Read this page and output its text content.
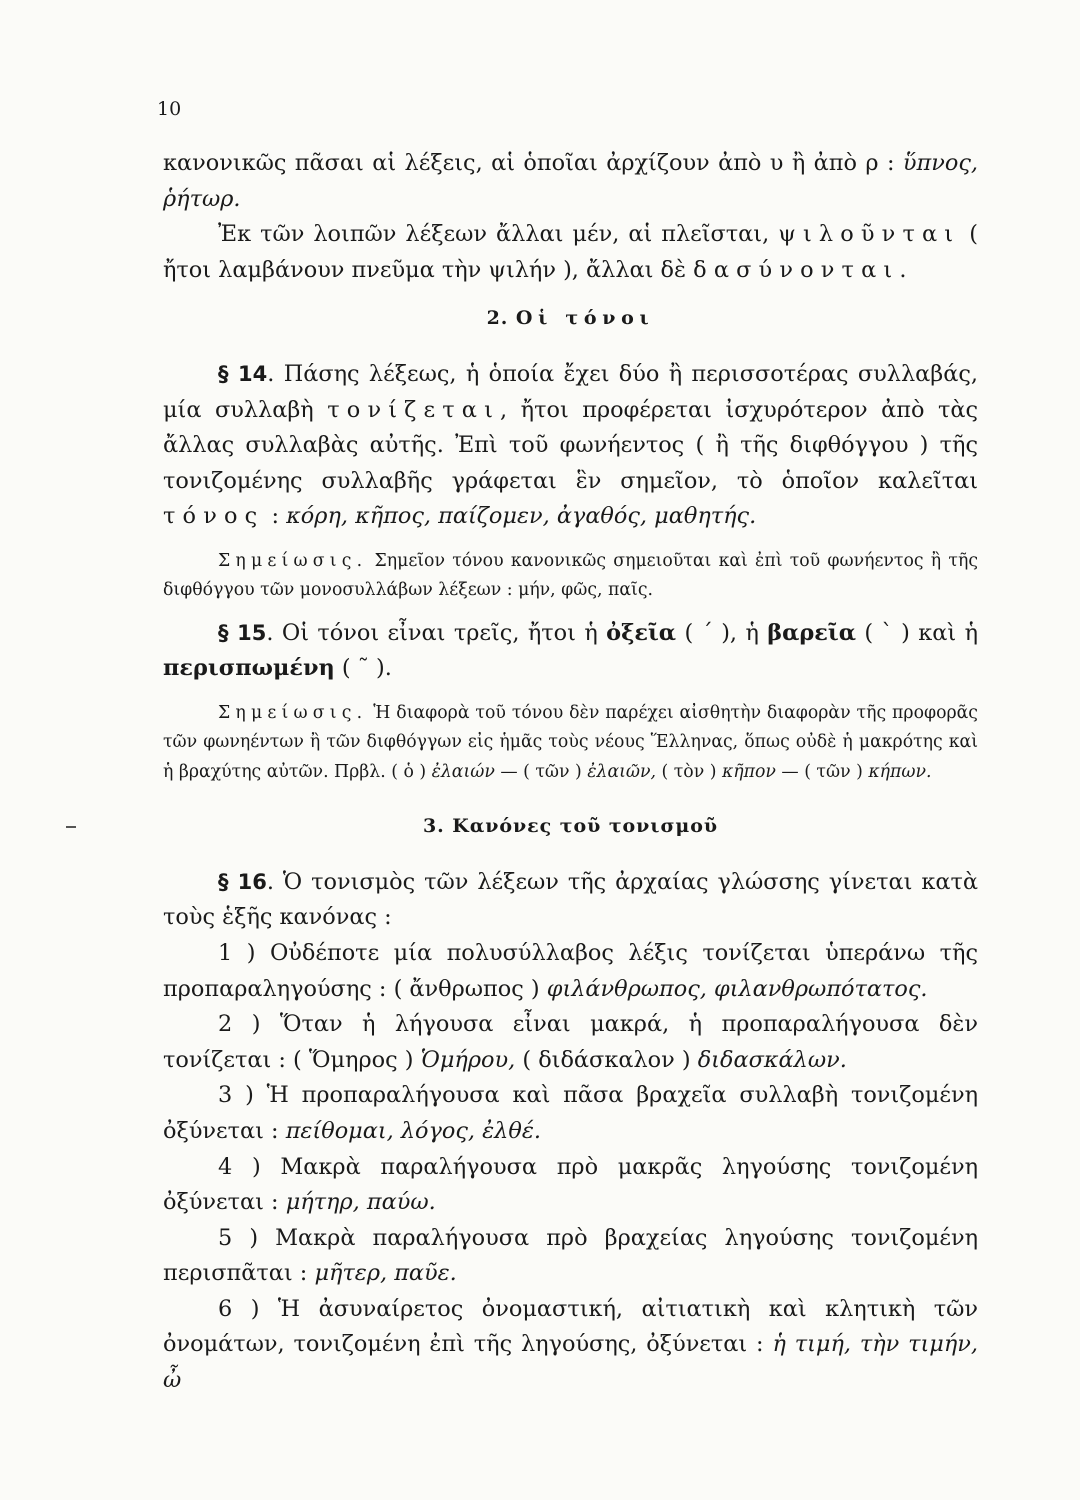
10

κανονικῶς πᾶσαι αἱ λέξεις, αἱ ὁποῖαι ἀρχίζουν ἀπὸ υ ἢ ἀπὸ ρ : ὕπνος, ῥήτωρ.

Ἐκ τῶν λοιπῶν λέξεων ἄλλαι μέν, αἱ πλεῖσται, ψιλοῦνται ( ἤτοι λαμβάνουν πνεῦμα τὴν ψιλήν ), ἄλλαι δὲ δασύνονται.

2. Οἱ τόνοι

§ 14. Πάσης λέξεως, ἡ ὁποία ἔχει δύο ἢ περισσοτέρας συλλαβάς, μία συλλαβὴ τονίζεται, ἤτοι προφέρεται ἰσχυρότερον ἀπὸ τὰς ἄλλας συλλαβὰς αὐτῆς. Ἐπὶ τοῦ φωνήεντος ( ἢ τῆς διφθόγγου ) τῆς τονιζομένης συλλαβῆς γράφεται ἓν σημεῖον, τὸ ὁποῖον καλεῖται τόνος : κόρη, κῆπος, παίζομεν, ἀγαθός, μαθητής.

Σημείωσις. Σημεῖον τόνου κανονικῶς σημειοῦται καὶ ἐπὶ τοῦ φωνήεντος ἢ τῆς διφθόγγου τῶν μονοσυλλάβων λέξεων : μήν, φῶς, παῖς.

§ 15. Οἱ τόνοι εἶναι τρεῖς, ἤτοι ἡ ὀξεῖα ( ΄ ), ἡ βαρεῖα ( ` ) καὶ ἡ περισπωμένη ( ῀ ).

Σημείωσις. Ἡ διαφορὰ τοῦ τόνου δὲν παρέχει αἰσθητὴν διαφορὰν τῆς προφορᾶς τῶν φωνηέντων ἢ τῶν διφθόγγων εἰς ἡμᾶς τοὺς νέους Ἕλληνας, ὅπως οὐδὲ ἡ μακρότης καὶ ἡ βραχύτης αὐτῶν. Πρβλ. ( ὁ ) ἐλαιών — ( τῶν ) ἐλαιῶν, ( τὸν ) κῆπον — ( τῶν ) κήπων.

3. Κανόνες τοῦ τονισμοῦ

§ 16. Ὁ τονισμὸς τῶν λέξεων τῆς ἀρχαίας γλώσσης γίνεται κατὰ τοὺς ἑξῆς κανόνας :

1 ) Οὐδέποτε μία πολυσύλλαβος λέξις τονίζεται ὑπεράνω τῆς προπαραληγούσης : ( ἄνθρωπος ) φιλάνθρωπος, φιλανθρωπότατος.

2 ) Ὅταν ἡ λήγουσα εἶναι μακρά, ἡ προπαραλήγουσα δὲν τονίζεται : ( Ὅμηρος ) Ὁμήρου, ( διδάσκαλον ) διδασκάλων.

3 ) Ἡ προπαραλήγουσα καὶ πᾶσα βραχεῖα συλλαβὴ τονιζομένη ὀξύνεται : πείθομαι, λόγος, ἐλθέ.

4 ) Μακρὰ παραλήγουσα πρὸ μακρᾶς ληγούσης τονιζομένη ὀξύνεται : μήτηρ, παύω.

5 ) Μακρὰ παραλήγουσα πρὸ βραχείας ληγούσης τονιζομένη περισπᾶται : μῆτερ, παῦε.

6 ) Ἡ ἀσυναίρετος ὀνομαστική, αἰτιατικὴ καὶ κλητικὴ τῶν ὀνομάτων, τονιζομένη ἐπὶ τῆς ληγούσης, ὀξύνεται : ἡ τιμή, τὴν τιμήν, ὦ
